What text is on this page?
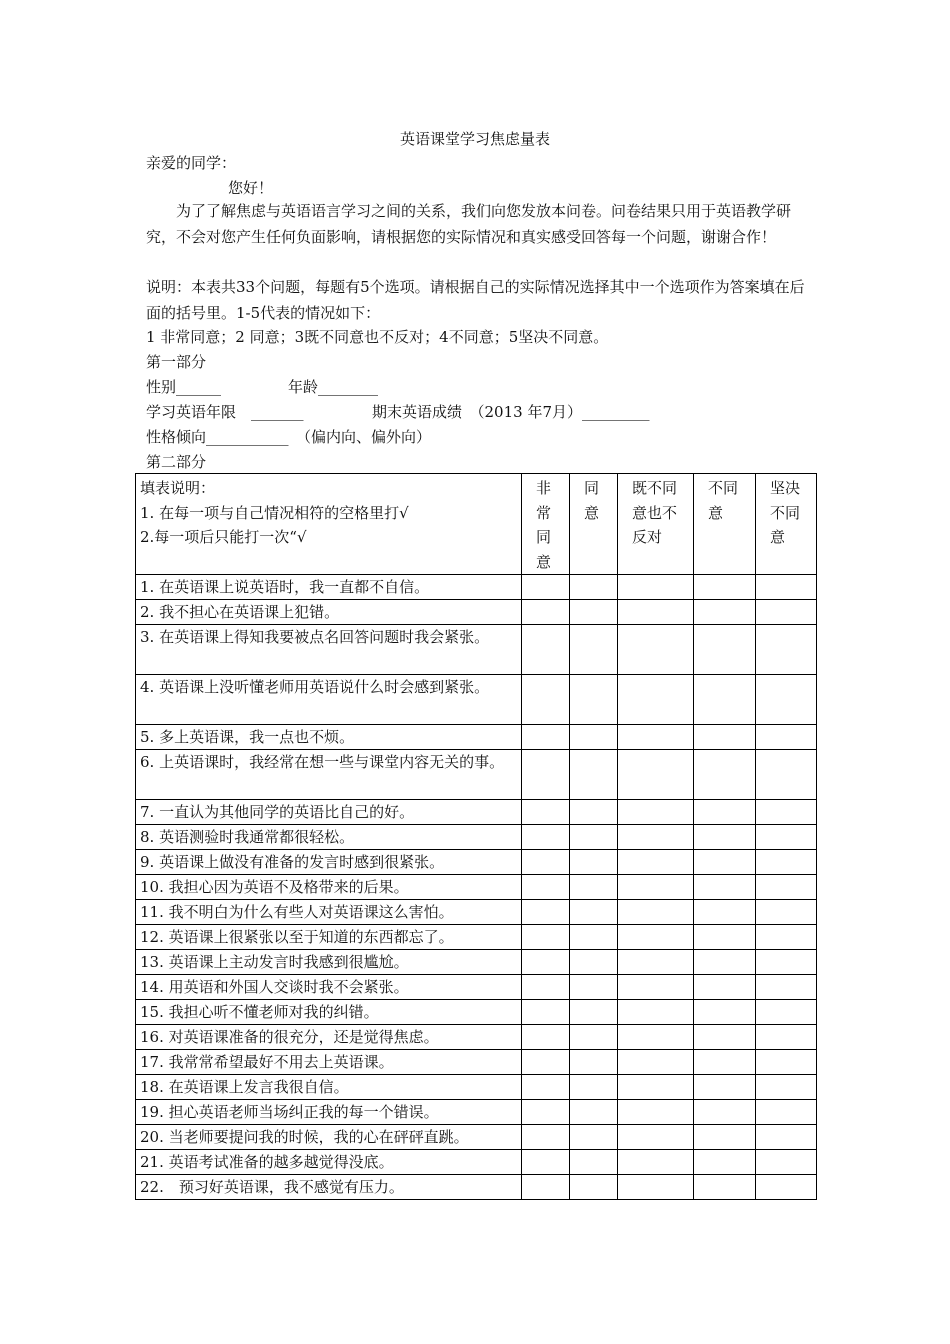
英语课堂学习焦虑量表
亲爱的同学：
您好！
为了了解焦虑与英语语言学习之间的关系，我们向您发放本问卷。问卷结果只用于英语教学研究，不会对您产生任何负面影响，请根据您的实际情况和真实感受回答每一个问题，谢谢合作！
说明：本表共33个问题，每题有5个选项。请根据自己的实际情况选择其中一个选项作为答案填在后面的括号里。1-5代表的情况如下：
1 非常同意；2 同意；3既不同意也不反对；4不同意；5坚决不同意。
第一部分
性别______	年龄________
学习英语年限　_______	期末英语成绩　（2013 年7月）_________
性格倾向___________　（偏内向、偏外向）
第二部分
填表说明：
1. 在每一项与自己情况相符的空格里打√
2.每一项后只能打一次“√	非常同意	同意	既不同意也不反对	不同意	坚决不同意
1. 在英语课上说英语时，我一直都不自信。					
2. 我不担心在英语课上犯错。					
3. 在英语课上得知我要被点名回答问题时我会紧张。					
4. 英语课上没听懂老师用英语说什么时会感到紧张。					
5. 多上英语课，我一点也不烦。					
6. 上英语课时，我经常在想一些与课堂内容无关的事。					
7. 一直认为其他同学的英语比自己的好。					
8. 英语测验时我通常都很轻松。					
9. 英语课上做没有准备的发言时感到很紧张。					
10. 我担心因为英语不及格带来的后果。					
11. 我不明白为什么有些人对英语课这么害怕。					
12. 英语课上很紧张以至于知道的东西都忘了。					
13. 英语课上主动发言时我感到很尴尬。					
14. 用英语和外国人交谈时我不会紧张。					
15. 我担心听不懂老师对我的纠错。					
16. 对英语课准备的很充分，还是觉得焦虑。					
17. 我常常希望最好不用去上英语课。					
18. 在英语课上发言我很自信。					
19. 担心英语老师当场纠正我的每一个错误。					
20. 当老师要提问我的时候，我的心在砰砰直跳。					
21. 英语考试准备的越多越觉得没底。					
22.　预习好英语课，我不感觉有压力。					
